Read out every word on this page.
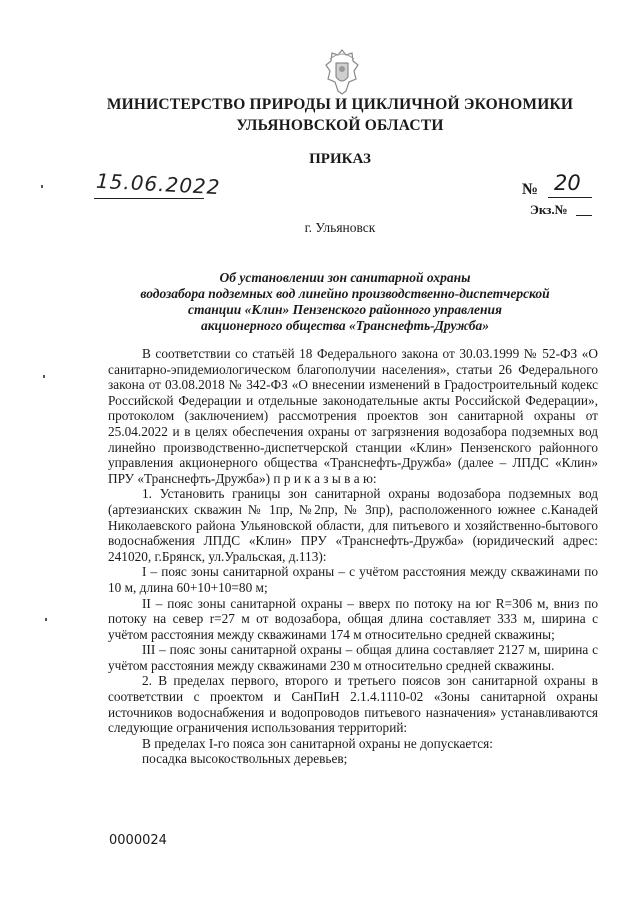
МИНИСТЕРСТВО ПРИРОДЫ И ЦИКЛИЧНОЙ ЭКОНОМИКИ
УЛЬЯНОВСКОЙ ОБЛАСТИ
ПРИКАЗ
15.06.2022	№ 20
Экз.№
г. Ульяновск
Об установлении зон санитарной охраны
водозабора подземных вод линейно производственно-диспетчерской
станции «Клин» Пензенского районного управления
акционерного общества «Транснефть-Дружба»

В соответствии со статьёй 18 Федерального закона от 30.03.1999 № 52-ФЗ «О санитарно-эпидемиологическом благополучии населения», статьи 26 Федерального закона от 03.08.2018 № 342-ФЗ «О внесении изменений в Градостроительный кодекс Российской Федерации и отдельные законодательные акты Российской Федерации», протоколом (заключением) рассмотрения проектов зон санитарной охраны от 25.04.2022 и в целях обеспечения охраны от загрязнения водозабора подземных вод линейно производственно-диспетчерской станции «Клин» Пензенского районного управления акционерного общества «Транснефть-Дружба» (далее – ЛПДС «Клин» ПРУ «Транснефть-Дружба») п р и к а з ы в а ю:

1. Установить границы зон санитарной охраны водозабора подземных вод (артезианских скважин № 1пр, №2пр, № 3пр), расположенного южнее с.Канадей Николаевского района Ульяновской области, для питьевого и хозяйственно-бытового водоснабжения ЛПДС «Клин» ПРУ «Транснефть-Дружба» (юридический адрес: 241020, г.Брянск, ул.Уральская, д.113):

I – пояс зоны санитарной охраны – с учётом расстояния между скважинами по 10 м, длина 60+10+10=80 м;

II – пояс зоны санитарной охраны – вверх по потоку на юг R=306 м, вниз по потоку на север r=27 м от водозабора, общая длина составляет 333 м, ширина с учётом расстояния между скважинами 174 м относительно средней скважины;

III – пояс зоны санитарной охраны – общая длина составляет 2127 м, ширина с учётом расстояния между скважинами 230 м относительно средней скважины.

2. В пределах первого, второго и третьего поясов зон санитарной охраны в соответствии с проектом и СанПиН 2.1.4.1110-02 «Зоны санитарной охраны источников водоснабжения и водопроводов питьевого назначения» устанавливаются следующие ограничения использования территорий:

В пределах I-го пояса зон санитарной охраны не допускается:

посадка высокоствольных деревьев;

0000024
